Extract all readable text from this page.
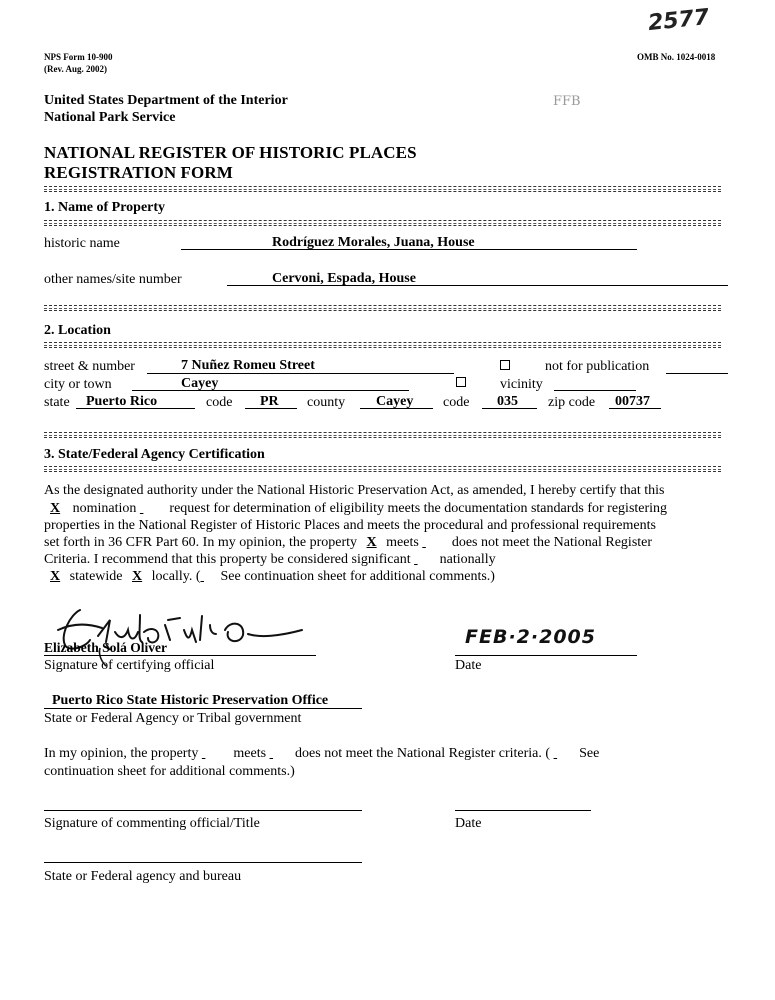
2577
NPS Form 10-900
(Rev. Aug. 2002)
OMB No. 1024-0018
FFB
United States Department of the Interior
National Park Service
NATIONAL REGISTER OF HISTORIC PLACES
REGISTRATION FORM
1. Name of Property
historic name	Rodríguez Morales, Juana, House
other names/site number	Cervoni, Espada, House
2. Location
street & number	7 Nuñez Romeu Street	not for publication
city or town	Cayey	vicinity
state Puerto Rico	code PR county Cayey code 035 zip code 00737
3. State/Federal Agency Certification
As the designated authority under the National Historic Preservation Act, as amended, I hereby certify that this
X nomination request for determination of eligibility meets the documentation standards for registering
properties in the National Register of Historic Places and meets the procedural and professional requirements
set forth in 36 CFR Part 60. In my opinion, the property X meets does not meet the National Register
Criteria. I recommend that this property be considered significant nationally
X statewide X locally. ( See continuation sheet for additional comments.)
Elizabeth Solá Oliver
Signature of certifying official
FEB·2·2005
Date
Puerto Rico State Historic Preservation Office
State or Federal Agency or Tribal government
In my opinion, the property	meets does not meet the National Register criteria. ( See
continuation sheet for additional comments.)
Signature of commenting official/Title	Date
State or Federal agency and bureau
